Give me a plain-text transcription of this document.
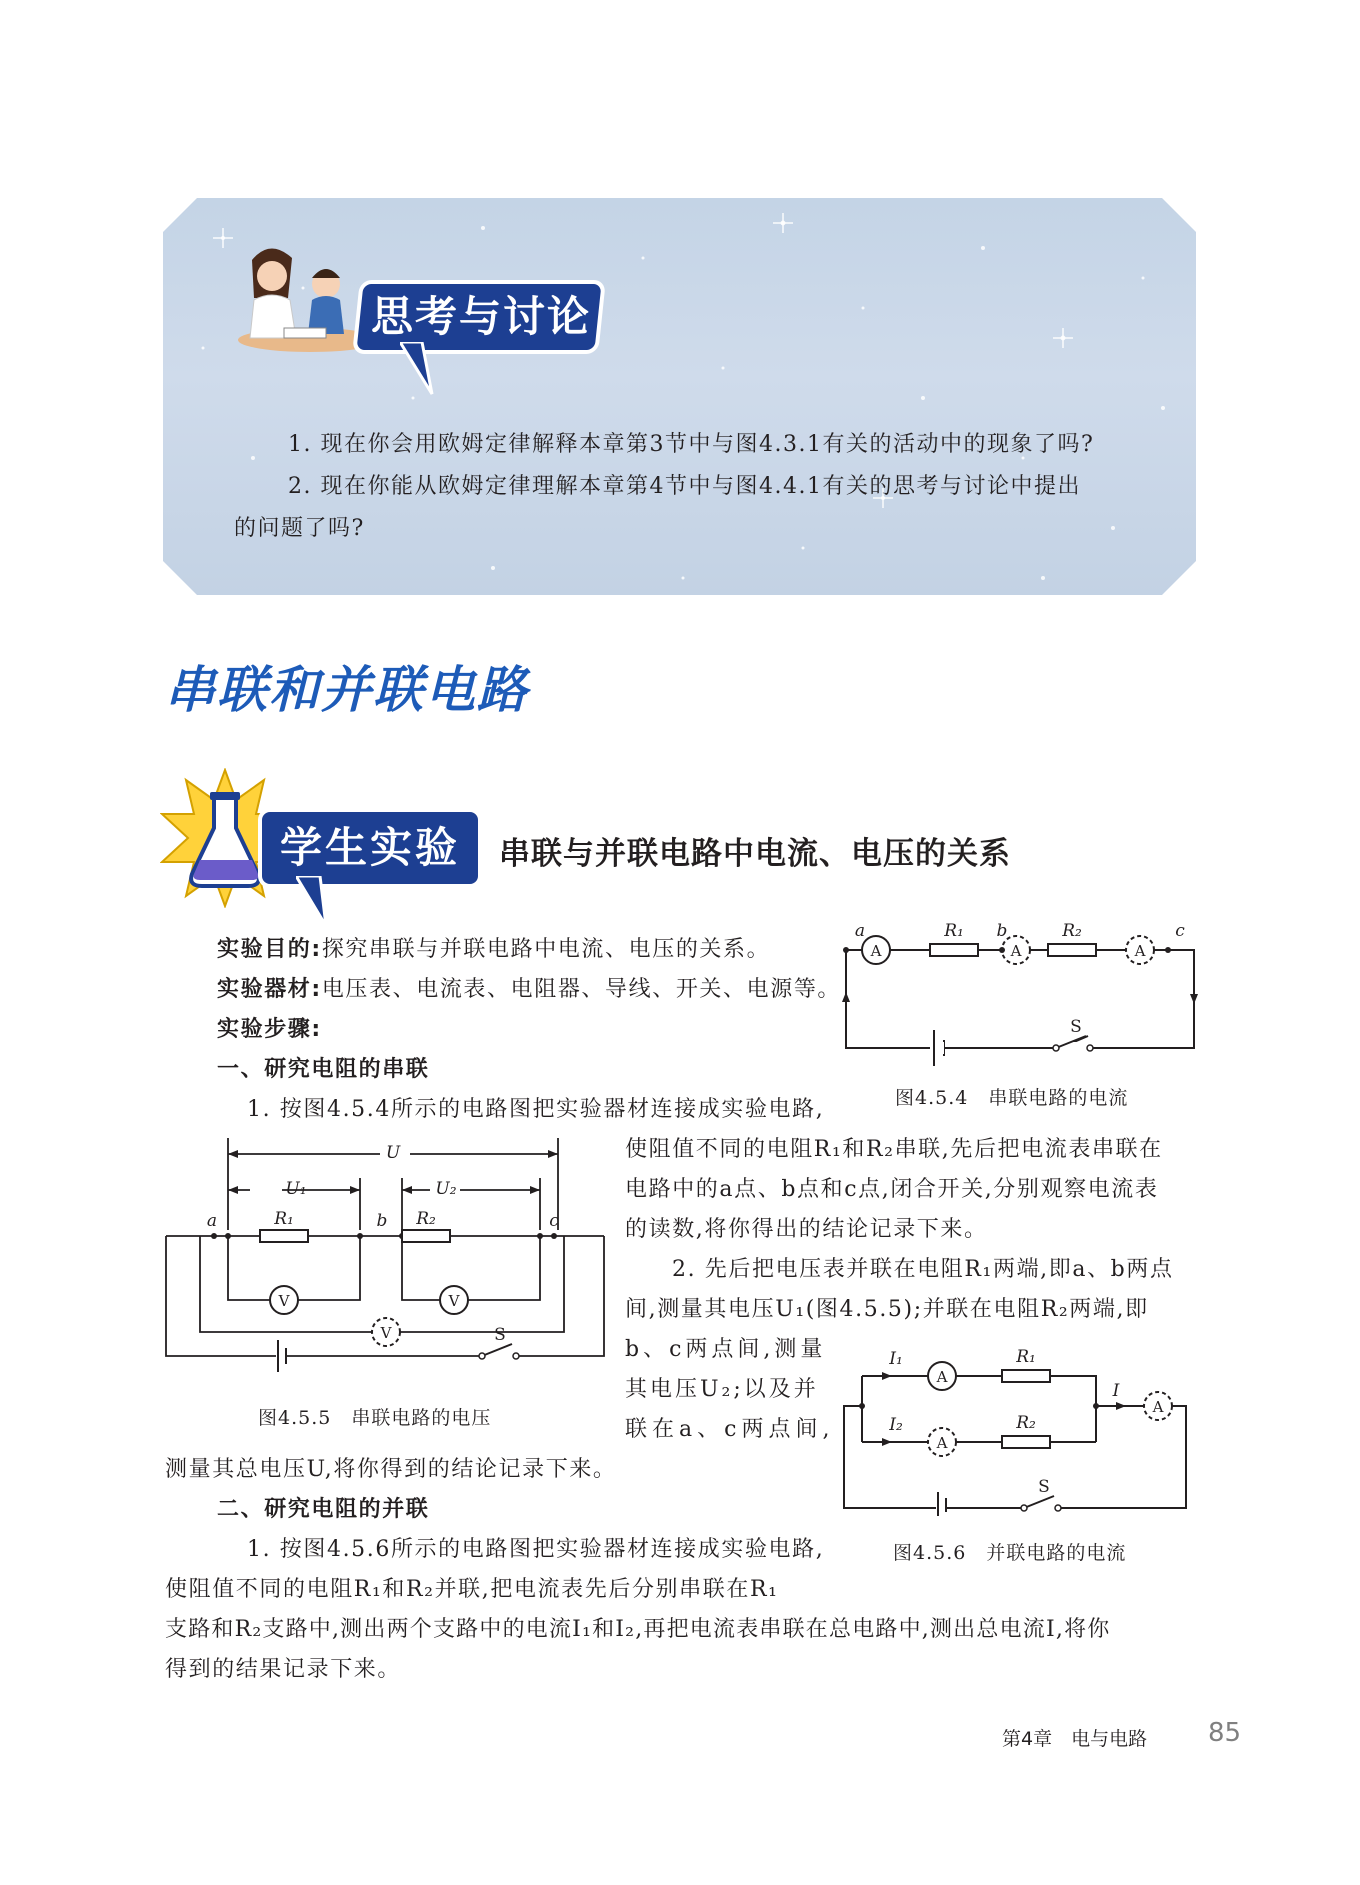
思考与讨论
1. 现在你会用欧姆定律解释本章第3节中与图4.3.1有关的活动中的现象了吗?
2. 现在你能从欧姆定律理解本章第4节中与图4.4.1有关的思考与讨论中提出
的问题了吗?
串联和并联电路
学生实验	串联与并联电路中电流、电压的关系
实验目的:探究串联与并联电路中电流、电压的关系。
实验器材:电压表、电流表、电阻器、导线、开关、电源等。
实验步骤:
一、研究电阻的串联
1. 按图4.5.4所示的电路图把实验器材连接成实验电路,
使阻值不同的电阻R₁和R₂串联,先后把电流表串联在
电路中的a点、b点和c点,闭合开关,分别观察电流表
的读数,将你得出的结论记录下来。
2. 先后把电压表并联在电阻R₁两端,即a、b两点
间,测量其电压U₁(图4.5.5);并联在电阻R₂两端,即
b、c两点间,测量
其电压U₂;以及并
联在a、c两点间,
测量其总电压U,将你得到的结论记录下来。
二、研究电阻的并联
1. 按图4.5.6所示的电路图把实验器材连接成实验电路,
使阻值不同的电阻R₁和R₂并联,把电流表先后分别串联在R₁
支路和R₂支路中,测出两个支路中的电流I₁和I₂,再把电流表串联在总电路中,测出总电流I,将你
得到的结果记录下来。
A	A	A
a	b	c
R₁	R₂
S
图4.5.4　串联电路的电流
U
U₁	U₂
R₁	R₂
a	b	c
V	V
V	S
图4.5.5　串联电路的电压
A
A
A
I₁
I₂
I
R₁
R₂
S
图4.5.6　并联电路的电流
第4章　电与电路 85
